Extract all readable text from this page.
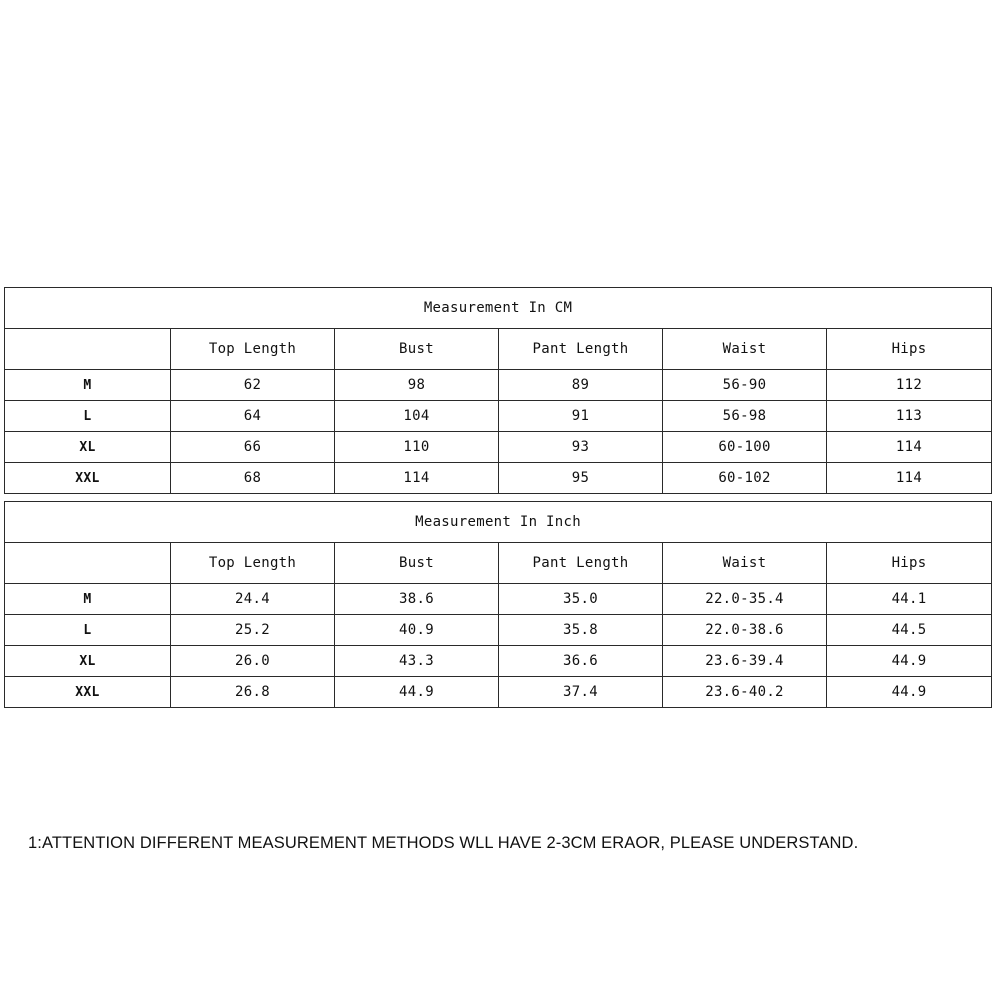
Measurement In CM					
	Top Length	Bust	Pant Length	Waist	Hips
M	62	98	89	56-90	112
L	64	104	91	56-98	113
XL	66	110	93	60-100	114
XXL	68	114	95	60-102	114
Measurement In Inch					
	Top Length	Bust	Pant Length	Waist	Hips
M	24.4	38.6	35.0	22.0-35.4	44.1
L	25.2	40.9	35.8	22.0-38.6	44.5
XL	26.0	43.3	36.6	23.6-39.4	44.9
XXL	26.8	44.9	37.4	23.6-40.2	44.9
1:ATTENTION DIFFERENT MEASUREMENT METHODS WLL HAVE 2-3CM ERAOR, PLEASE UNDERSTAND.
